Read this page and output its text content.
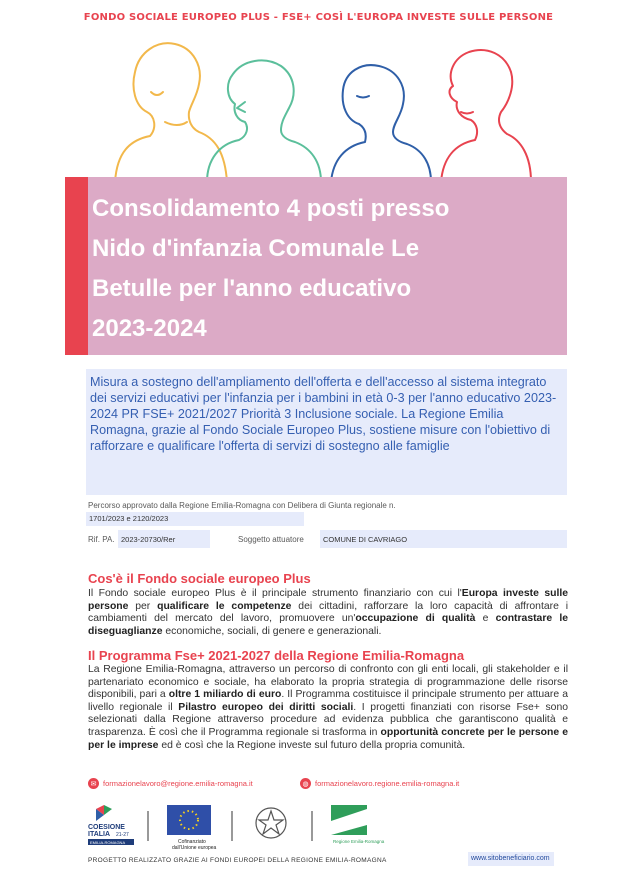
FONDO SOCIALE EUROPEO PLUS - FSE+ COSÌ L'EUROPA INVESTE SULLE PERSONE
Consolidamento 4 posti presso
Nido d'infanzia Comunale Le
Betulle per l'anno educativo
2023-2024

Misura a sostegno dell'ampliamento dell'offerta e dell'accesso al sistema integrato dei servizi educativi per l'infanzia per i bambini in età 0-3 per l'anno educativo 2023-2024 PR FSE+ 2021/2027 Priorità 3 Inclusione sociale. La Regione Emilia Romagna, grazie al Fondo Sociale Europeo Plus, sostiene misure con l'obiettivo di rafforzare e qualificare l'offerta di servizi di sostegno alle famiglie

Percorso approvato dalla Regione Emilia-Romagna con Delibera di Giunta regionale n.
1701/2023 e 2120/2023
Rif. PA. 2023-20730/Rer	Soggetto attuatore	COMUNE DI CAVRIAGO
Cos'è il Fondo sociale europeo Plus

Il Fondo sociale europeo Plus è il principale strumento finanziario con cui l'Europa investe sulle persone per qualificare le competenze dei cittadini, rafforzare la loro capacità di affrontare i cambiamenti del mercato del lavoro, promuovere un'occupazione di qualità e contrastare le diseguaglianze economiche, sociali, di genere e generazionali.

Il Programma Fse+ 2021-2027 della Regione Emilia-Romagna

La Regione Emilia-Romagna, attraverso un percorso di confronto con gli enti locali, gli stakeholder e il partenariato economico e sociale, ha elaborato la propria strategia di programmazione delle risorse disponibili, pari a oltre 1 miliardo di euro. Il Programma costituisce il principale strumento per attuare a livello regionale il Pilastro europeo dei diritti sociali. I progetti finanziati con risorse Fse+ sono selezionati dalla Regione attraverso procedure ad evidenza pubblica che garantiscono qualità e trasparenza. È così che il Programma regionale si trasforma in opportunità concrete per le persone e per le imprese ed è così che la Regione investe sul futuro della propria comunità.

✉ formazionelavoro@regione.emilia-romagna.it	◍ formazionelavoro.regione.emilia-romagna.it
COESIONE
ITALIA 21-27
EMILIA-ROMAGNA	Cofinanziato
dall'Unione europea
Regione Emilia-Romagna
PROGETTO REALIZZATO GRAZIE AI FONDI EUROPEI DELLA REGIONE EMILIA-ROMAGNA	www.sitobeneficiario.com
